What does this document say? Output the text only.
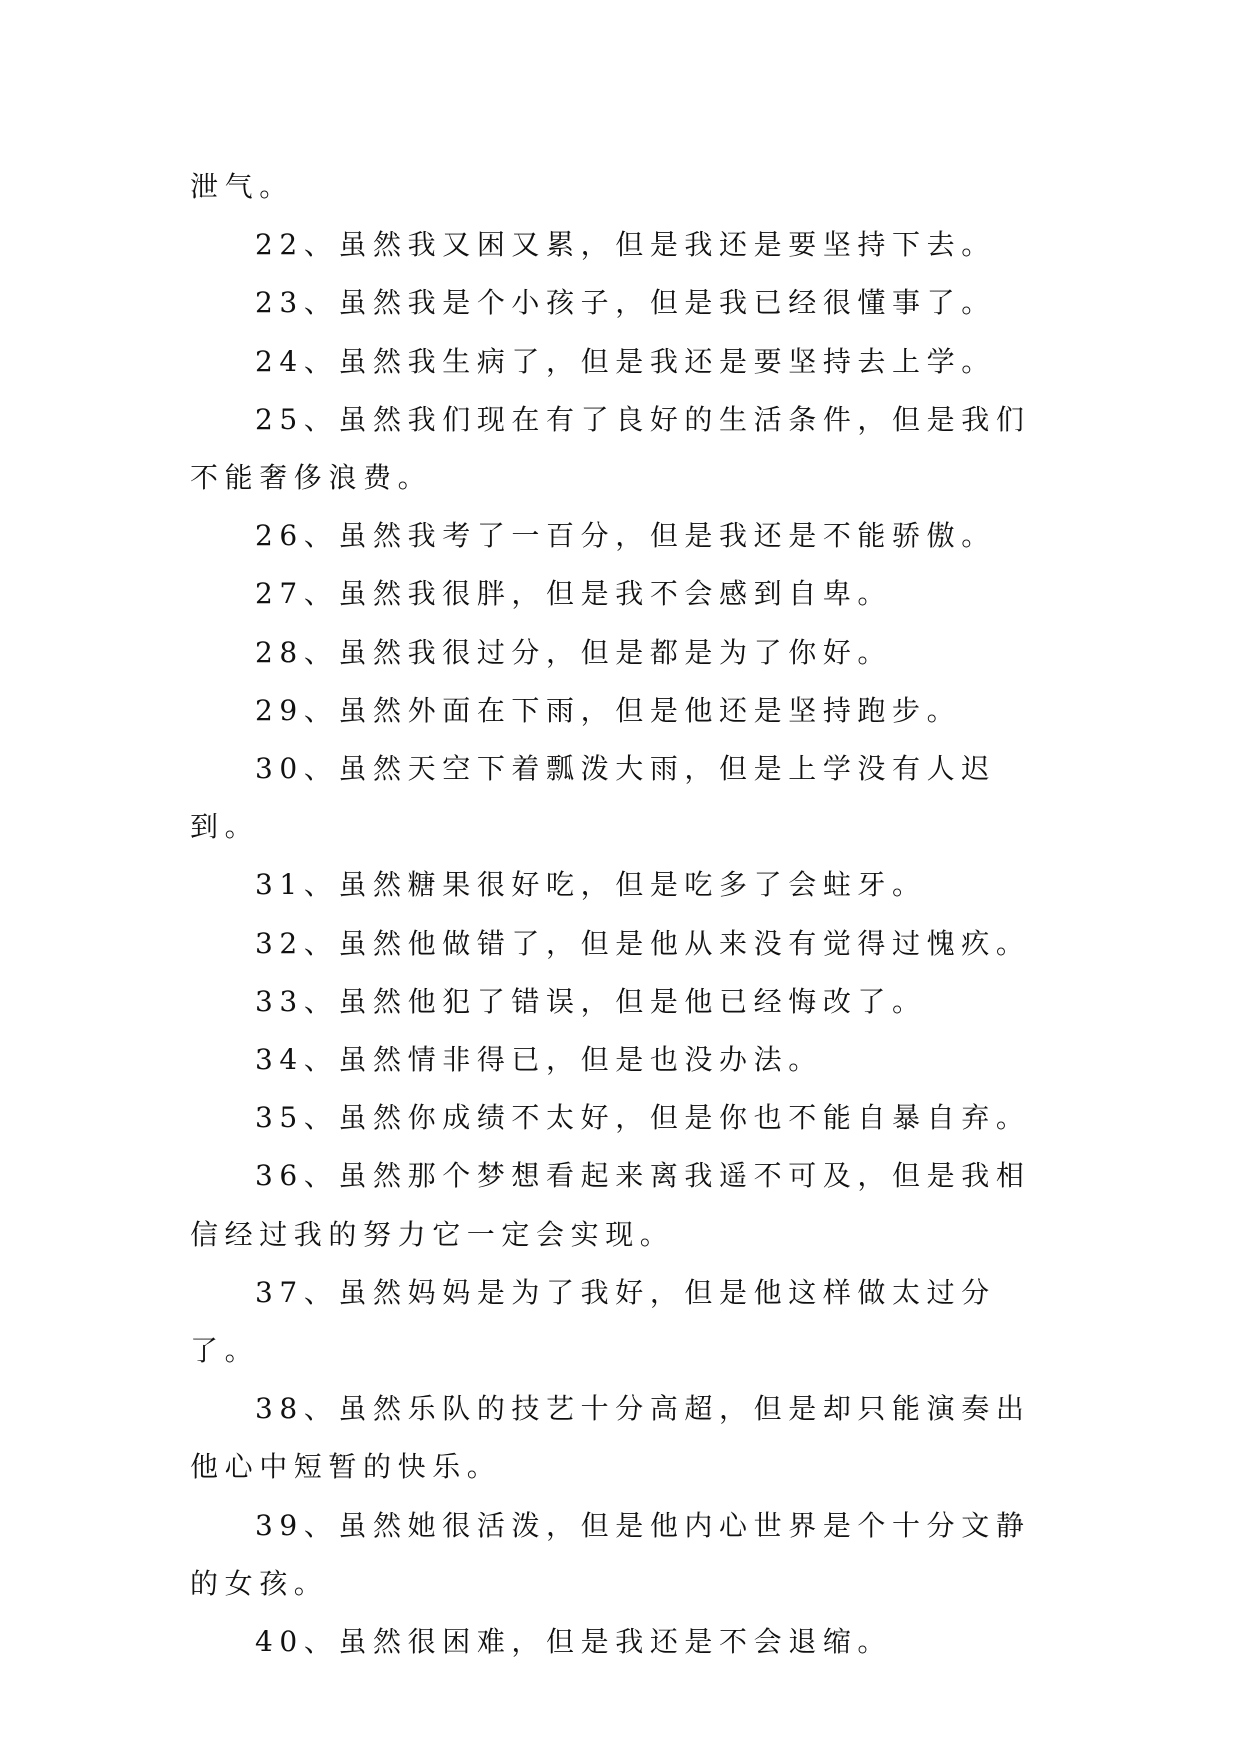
泄气。

22、虽然我又困又累，但是我还是要坚持下去。

23、虽然我是个小孩子，但是我已经很懂事了。

24、虽然我生病了，但是我还是要坚持去上学。

25、虽然我们现在有了良好的生活条件，但是我们不能奢侈浪费。

26、虽然我考了一百分，但是我还是不能骄傲。

27、虽然我很胖，但是我不会感到自卑。

28、虽然我很过分，但是都是为了你好。

29、虽然外面在下雨，但是他还是坚持跑步。

30、虽然天空下着瓢泼大雨，但是上学没有人迟到。

31、虽然糖果很好吃，但是吃多了会蛀牙。

32、虽然他做错了，但是他从来没有觉得过愧疚。

33、虽然他犯了错误，但是他已经悔改了。

34、虽然情非得已，但是也没办法。

35、虽然你成绩不太好，但是你也不能自暴自弃。

36、虽然那个梦想看起来离我遥不可及，但是我相信经过我的努力它一定会实现。

37、虽然妈妈是为了我好，但是他这样做太过分了。

38、虽然乐队的技艺十分高超，但是却只能演奏出他心中短暂的快乐。

39、虽然她很活泼，但是他内心世界是个十分文静的女孩。

40、虽然很困难，但是我还是不会退缩。
